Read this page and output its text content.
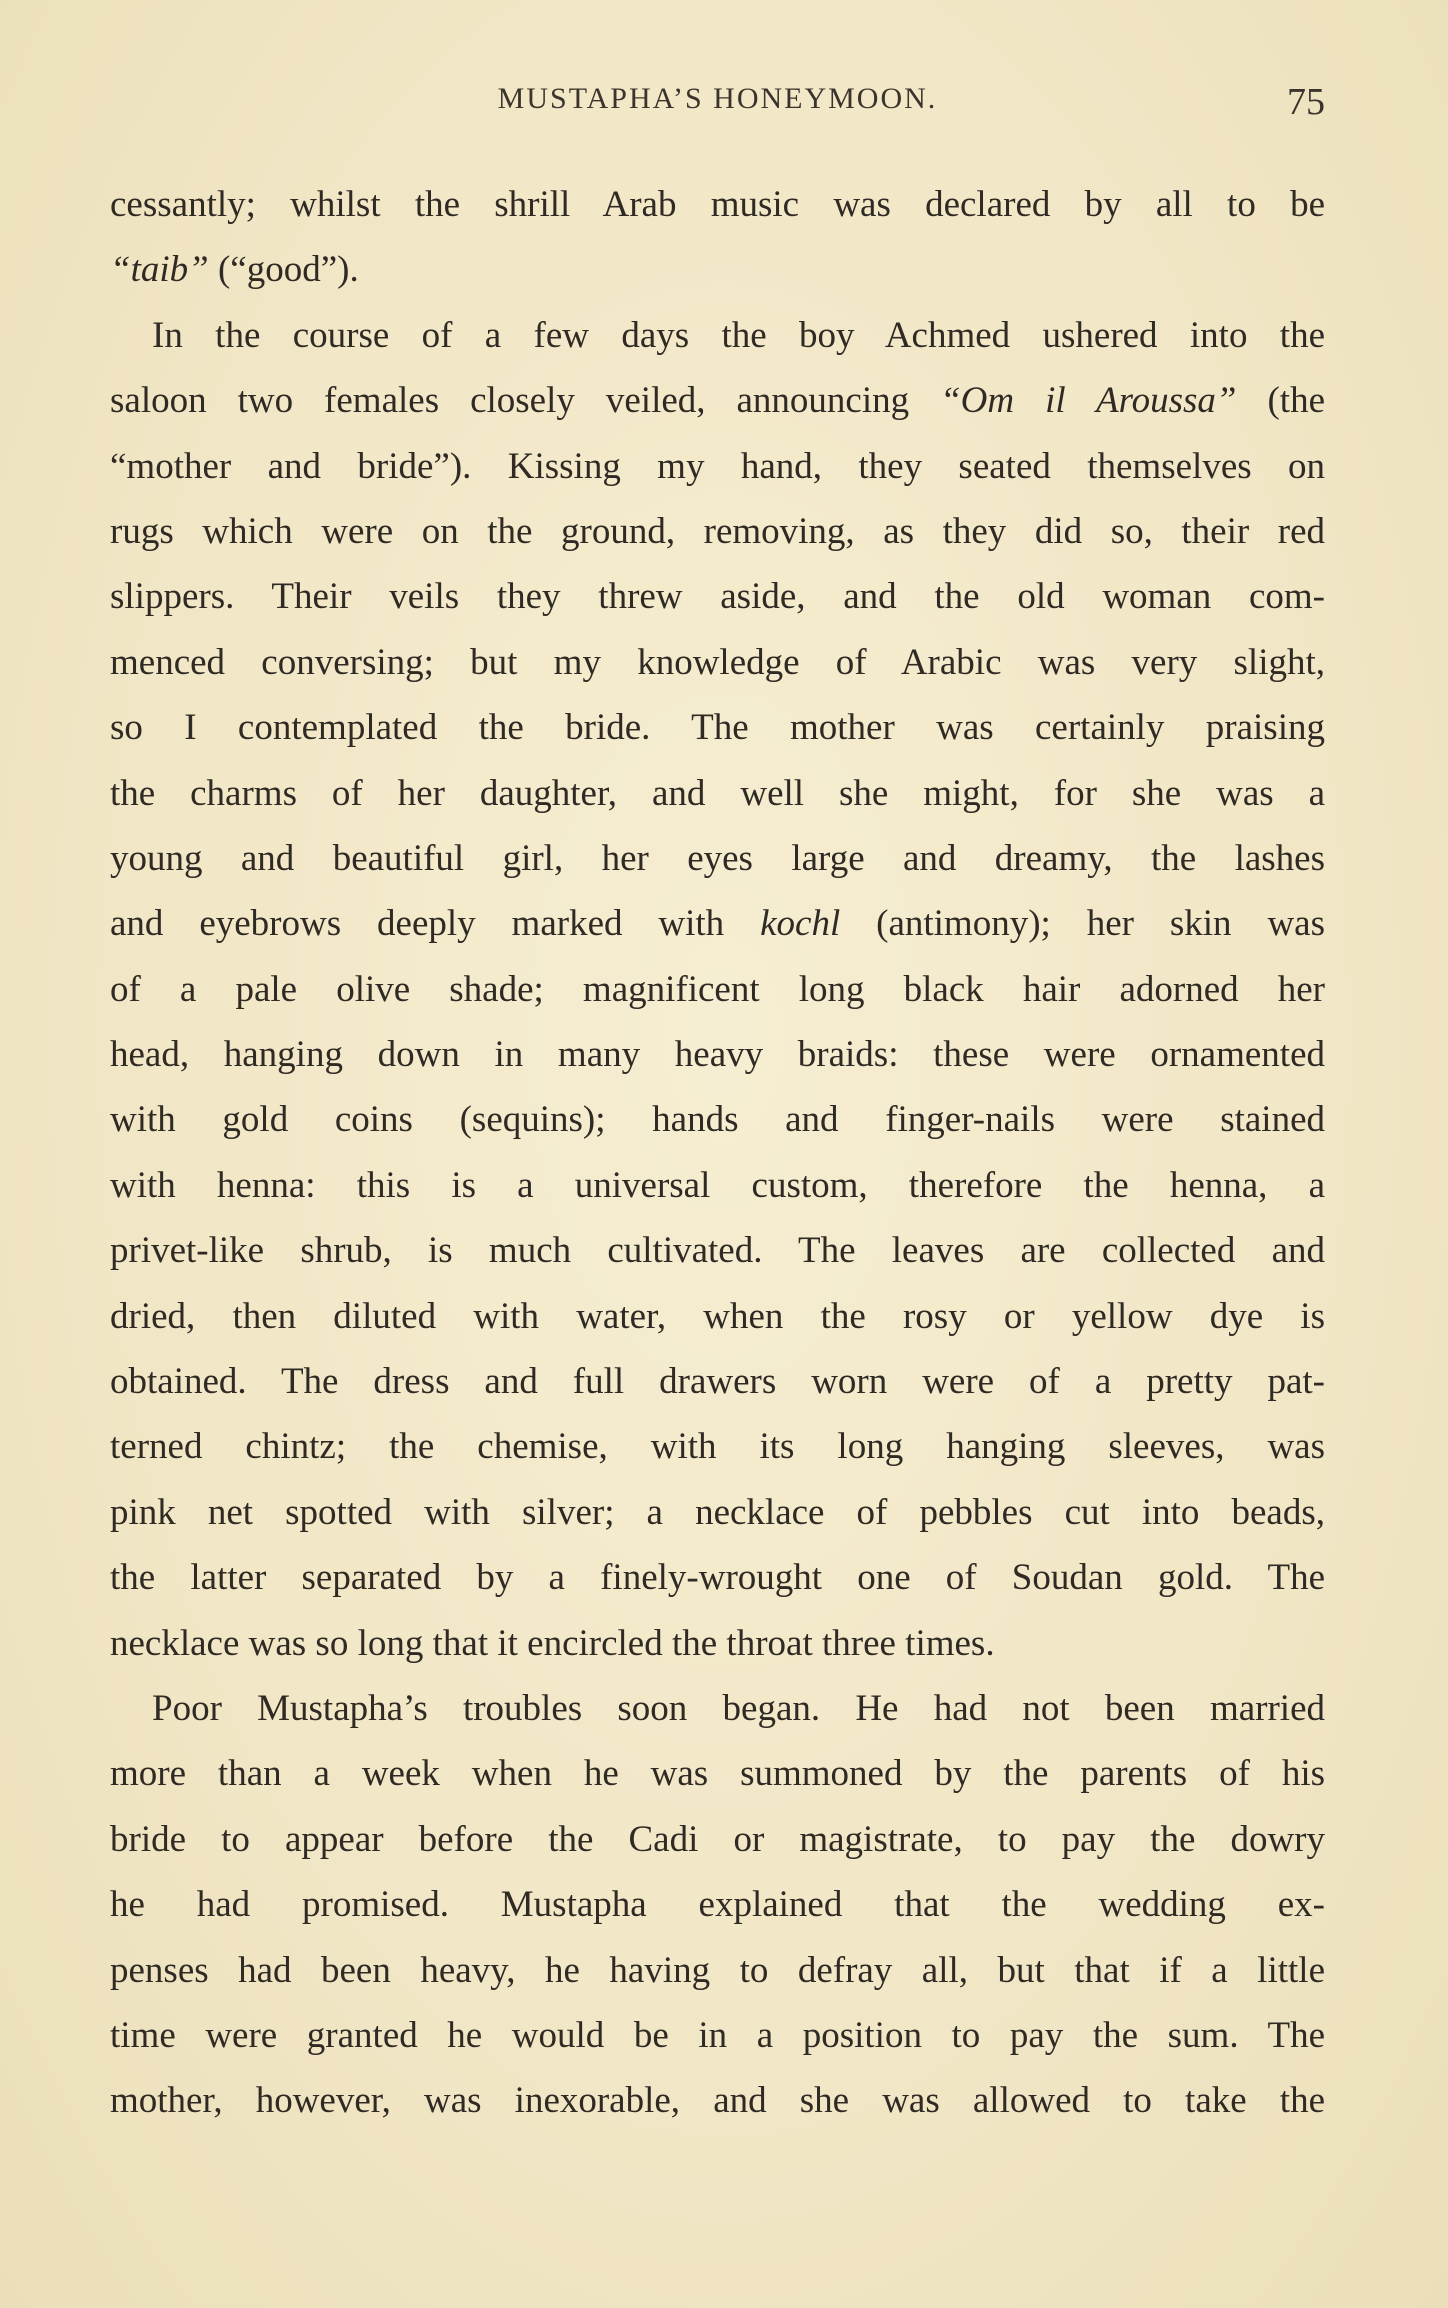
MUSTAPHA’S HONEYMOON.	75
cessantly; whilst the shrill Arab music was declared by all to be
“taib” (“good”).
In the course of a few days the boy Achmed ushered into the
saloon two females closely veiled, announcing “Om il Aroussa” (the
“mother and bride”). Kissing my hand, they seated themselves on
rugs which were on the ground, removing, as they did so, their red
slippers. Their veils they threw aside, and the old woman com-
menced conversing; but my knowledge of Arabic was very slight,
so I contemplated the bride. The mother was certainly praising
the charms of her daughter, and well she might, for she was a
young and beautiful girl, her eyes large and dreamy, the lashes
and eyebrows deeply marked with kochl (antimony); her skin was
of a pale olive shade; magnificent long black hair adorned her
head, hanging down in many heavy braids: these were ornamented
with gold coins (sequins); hands and finger-nails were stained
with henna: this is a universal custom, therefore the henna, a
privet-like shrub, is much cultivated. The leaves are collected and
dried, then diluted with water, when the rosy or yellow dye is
obtained. The dress and full drawers worn were of a pretty pat-
terned chintz; the chemise, with its long hanging sleeves, was
pink net spotted with silver; a necklace of pebbles cut into beads,
the latter separated by a finely-wrought one of Soudan gold. The
necklace was so long that it encircled the throat three times.
Poor Mustapha’s troubles soon began. He had not been married
more than a week when he was summoned by the parents of his
bride to appear before the Cadi or magistrate, to pay the dowry
he had promised. Mustapha explained that the wedding ex-
penses had been heavy, he having to defray all, but that if a little
time were granted he would be in a position to pay the sum. The
mother, however, was inexorable, and she was allowed to take the
